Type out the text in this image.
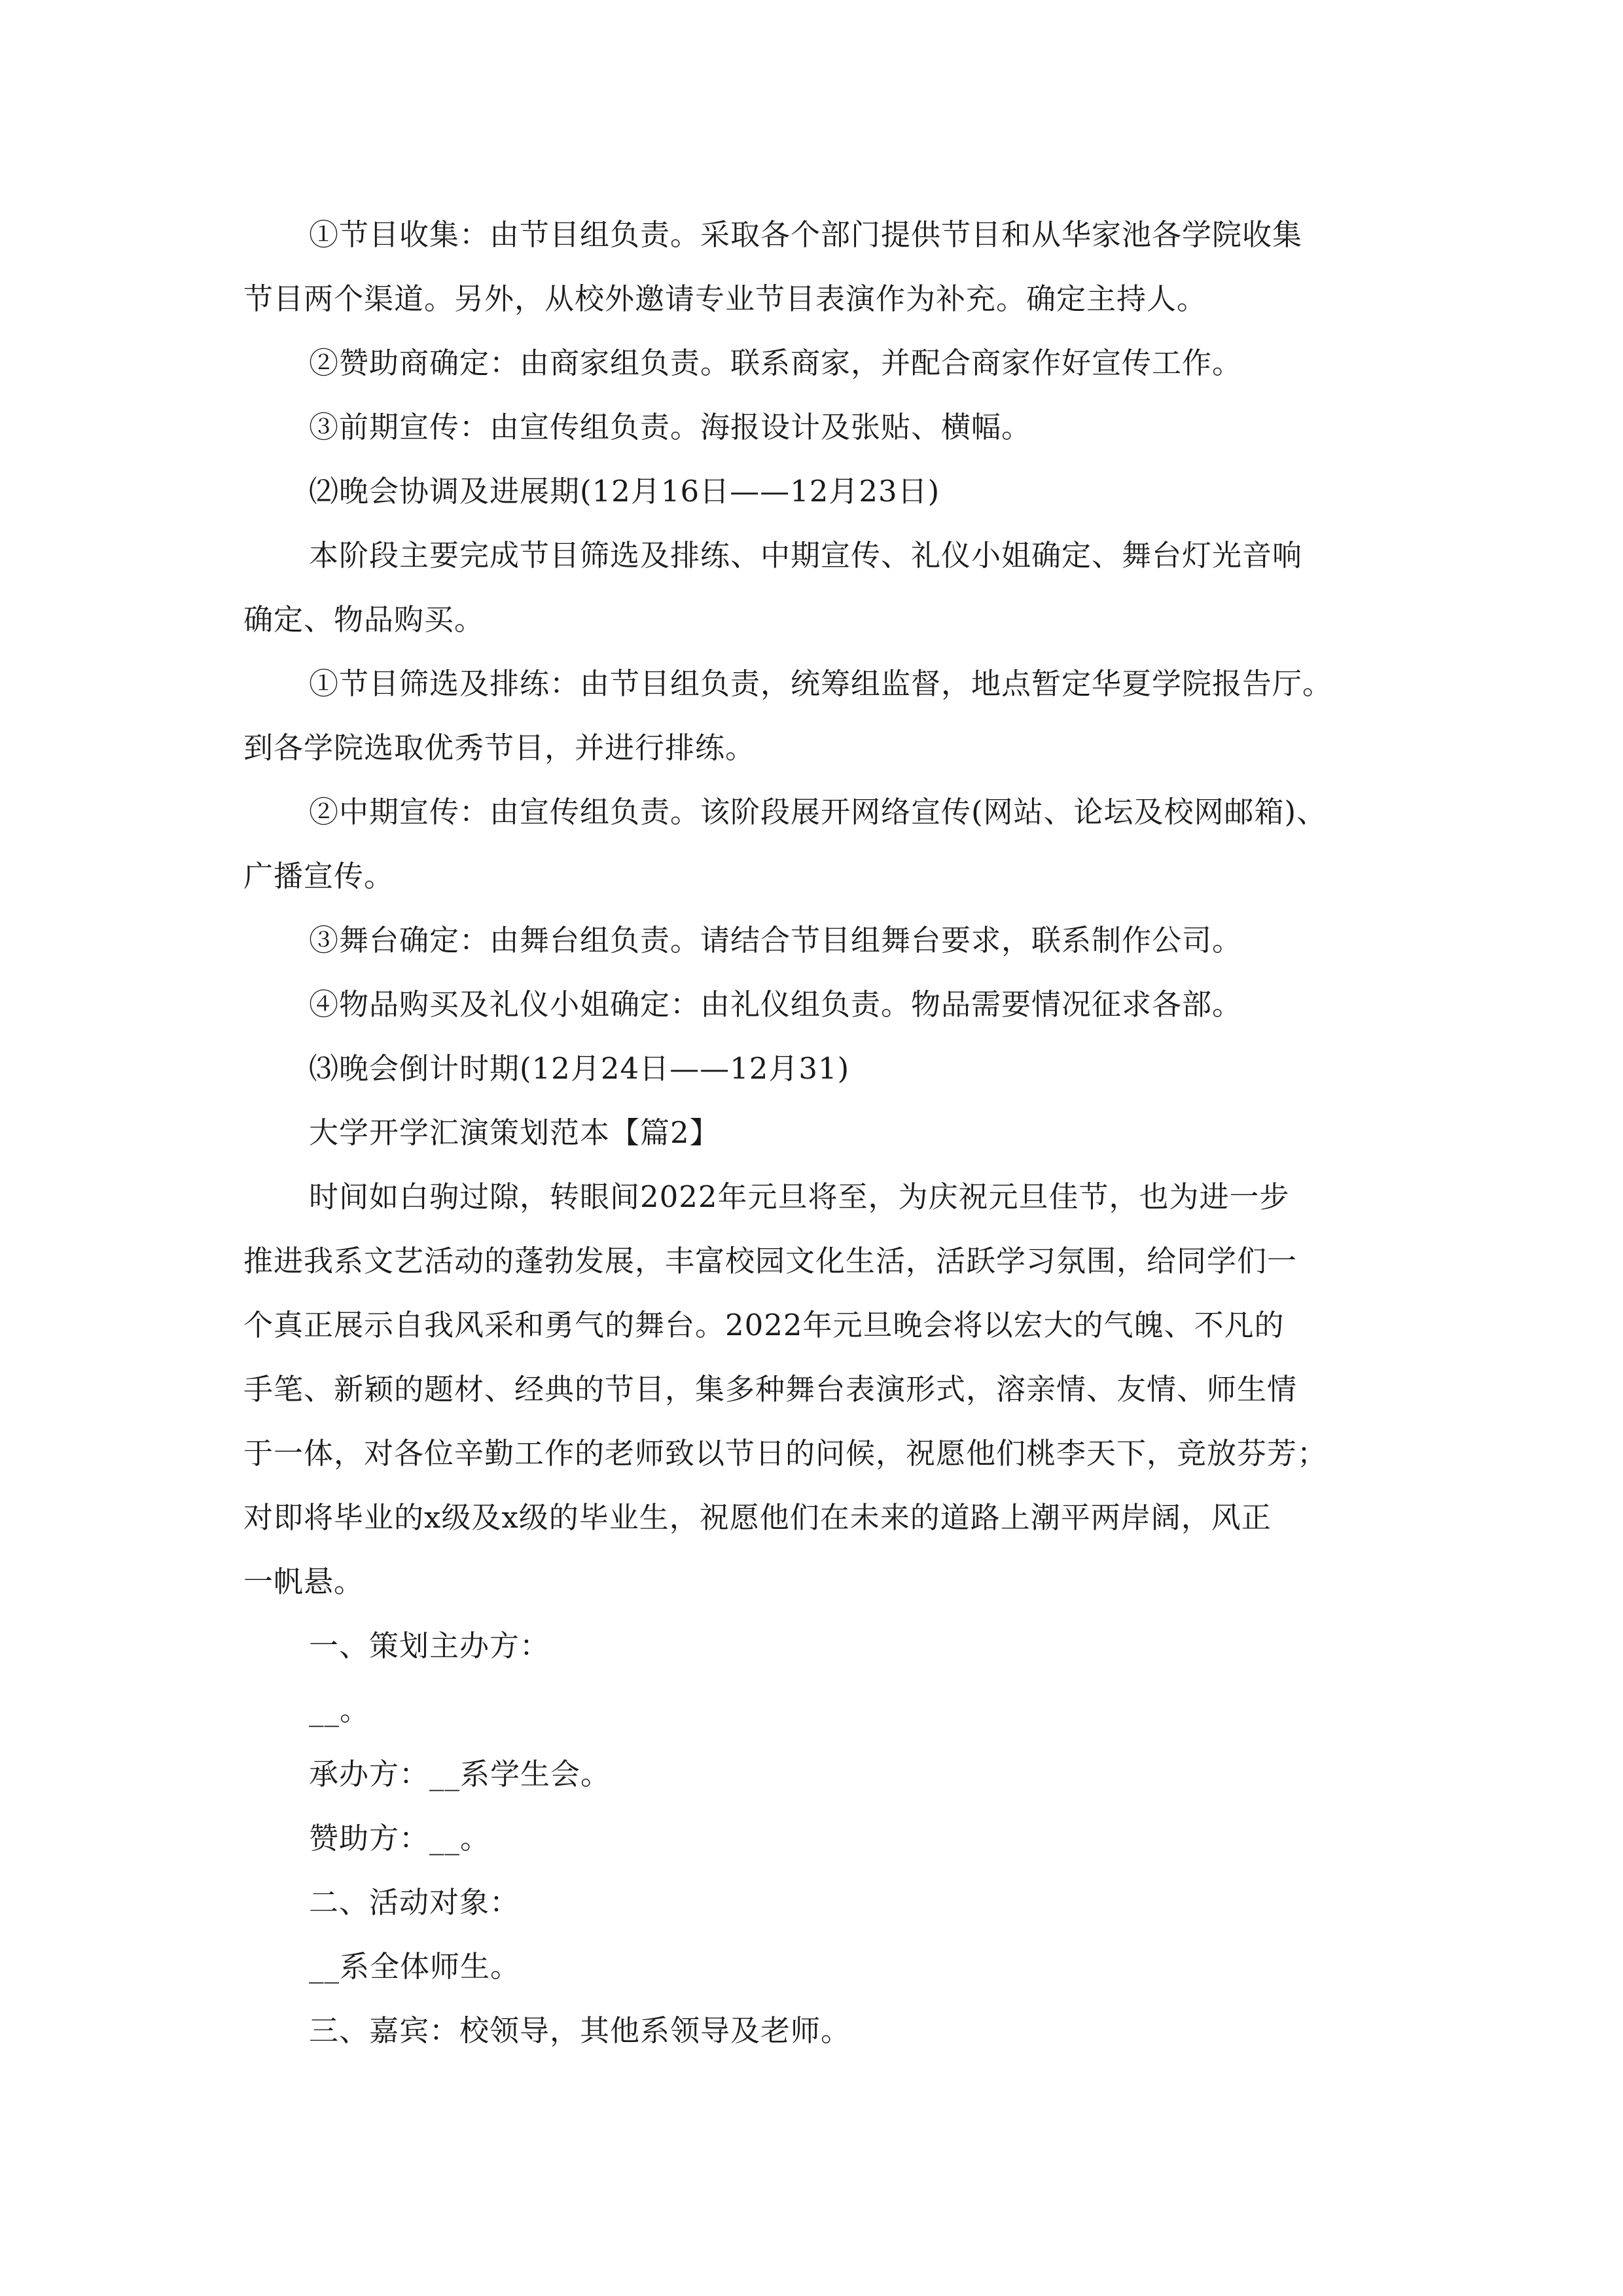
①节目收集：由节目组负责。采取各个部门提供节目和从华家池各学院收集
节目两个渠道。另外，从校外邀请专业节目表演作为补充。确定主持人。
②赞助商确定：由商家组负责。联系商家，并配合商家作好宣传工作。
③前期宣传：由宣传组负责。海报设计及张贴、横幅。
⑵晚会协调及进展期(12月16日——12月23日)
本阶段主要完成节目筛选及排练、中期宣传、礼仪小姐确定、舞台灯光音响
确定、物品购买。
①节目筛选及排练：由节目组负责，统筹组监督，地点暂定华夏学院报告厅。
到各学院选取优秀节目，并进行排练。
②中期宣传：由宣传组负责。该阶段展开网络宣传(网站、论坛及校网邮箱)、
广播宣传。
③舞台确定：由舞台组负责。请结合节目组舞台要求，联系制作公司。
④物品购买及礼仪小姐确定：由礼仪组负责。物品需要情况征求各部。
⑶晚会倒计时期(12月24日——12月31)
大学开学汇演策划范本【篇2】
时间如白驹过隙，转眼间2022年元旦将至，为庆祝元旦佳节，也为进一步
推进我系文艺活动的蓬勃发展，丰富校园文化生活，活跃学习氛围，给同学们一
个真正展示自我风采和勇气的舞台。2022年元旦晚会将以宏大的气魄、不凡的
手笔、新颖的题材、经典的节目，集多种舞台表演形式，溶亲情、友情、师生情
于一体，对各位辛勤工作的老师致以节日的问候，祝愿他们桃李天下，竞放芬芳；
对即将毕业的x级及x级的毕业生，祝愿他们在未来的道路上潮平两岸阔，风正
一帆悬。
一、策划主办方：
__。
承办方：__系学生会。
赞助方：__。
二、活动对象：
__系全体师生。
三、嘉宾：校领导，其他系领导及老师。
